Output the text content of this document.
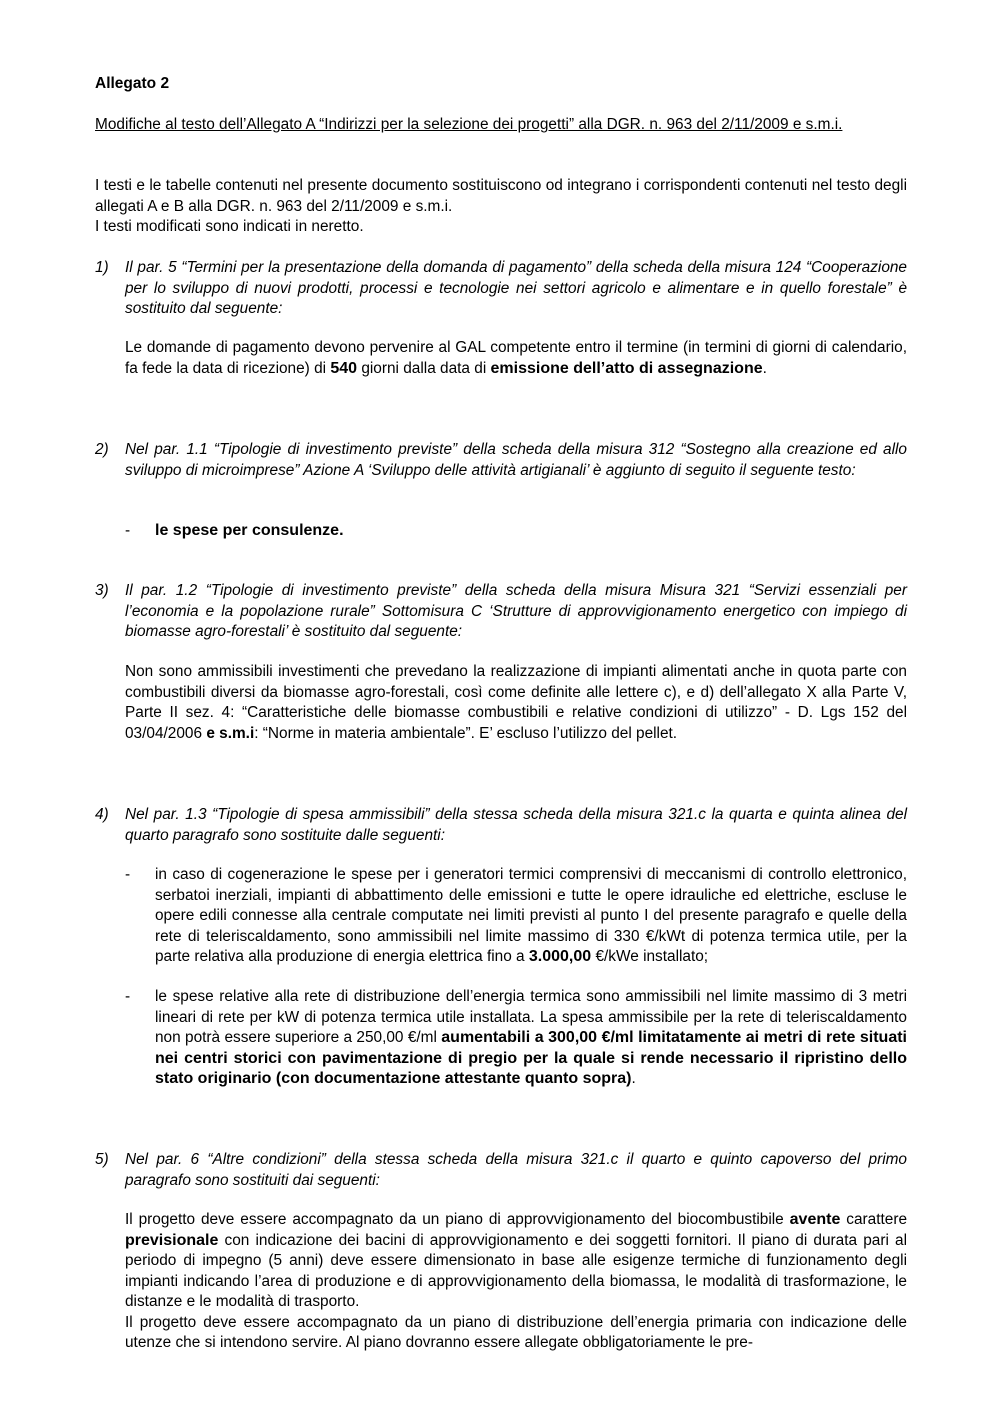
Allegato 2
Modifiche al testo dell’Allegato A “Indirizzi per la selezione dei progetti” alla DGR. n. 963 del 2/11/2009 e s.m.i.
I testi e le tabelle contenuti nel presente documento sostituiscono od integrano i corrispondenti contenuti nel testo degli allegati A e B alla DGR. n. 963 del 2/11/2009 e s.m.i.
I testi modificati sono indicati in neretto.
1)	Il par. 5 “Termini per la presentazione della domanda di pagamento” della scheda della misura 124 “Cooperazione per lo sviluppo di nuovi prodotti, processi e tecnologie nei settori agricolo e alimentare e in quello forestale” è sostituito dal seguente:
Le domande di pagamento devono pervenire al GAL competente entro il termine (in termini di giorni di calendario, fa fede la data di ricezione) di 540 giorni dalla data di emissione dell’atto di assegnazione.
2)	Nel par. 1.1 “Tipologie di investimento previste” della scheda della misura 312 “Sostegno alla creazione ed allo sviluppo di microimprese” Azione A ‘Sviluppo delle attività artigianali’ è aggiunto di seguito il seguente testo:
-	le spese per consulenze.
3)	Il par. 1.2 “Tipologie di investimento previste” della scheda della misura Misura 321 “Servizi essenziali per l’economia e la popolazione rurale” Sottomisura C ‘Strutture di approvvigionamento energetico con impiego di biomasse agro-forestali’ è sostituito dal seguente:
Non sono ammissibili investimenti che prevedano la realizzazione di impianti alimentati anche in quota parte con combustibili diversi da biomasse agro-forestali, così come definite alle lettere c), e d) dell’allegato X alla Parte V, Parte II sez. 4: “Caratteristiche delle biomasse combustibili e relative condizioni di utilizzo” - D. Lgs 152 del 03/04/2006 e s.m.i: “Norme in materia ambientale”. E’ escluso l’utilizzo del pellet.
4)	Nel par. 1.3 “Tipologie di spesa ammissibili” della stessa scheda della misura 321.c la quarta e quinta alinea del quarto paragrafo sono sostituite dalle seguenti:
-	in caso di cogenerazione le spese per i generatori termici comprensivi di meccanismi di controllo elettronico, serbatoi inerziali, impianti di abbattimento delle emissioni e tutte le opere idrauliche ed elettriche, escluse le opere edili connesse alla centrale computate nei limiti previsti al punto I del presente paragrafo e quelle della rete di teleriscaldamento, sono ammissibili nel limite massimo di 330 €/kWt di potenza termica utile, per la parte relativa alla produzione di energia elettrica fino a 3.000,00 €/kWe installato;
-	le spese relative alla rete di distribuzione dell’energia termica sono ammissibili nel limite massimo di 3 metri lineari di rete per kW di potenza termica utile installata. La spesa ammissibile per la rete di teleriscaldamento non potrà essere superiore a 250,00 €/ml aumentabili a 300,00 €/ml limitatamente ai metri di rete situati nei centri storici con pavimentazione di pregio per la quale si rende necessario il ripristino dello stato originario (con documentazione attestante quanto sopra).
5)	Nel par. 6 “Altre condizioni” della stessa scheda della misura 321.c il quarto e quinto capoverso del primo paragrafo sono sostituiti dai seguenti:
Il progetto deve essere accompagnato da un piano di approvvigionamento del biocombustibile avente carattere previsionale con indicazione dei bacini di approvvigionamento e dei soggetti fornitori. Il piano di durata pari al periodo di impegno (5 anni) deve essere dimensionato in base alle esigenze termiche di funzionamento degli impianti indicando l’area di produzione e di approvvigionamento della biomassa, le modalità di trasformazione, le distanze e le modalità di trasporto.
Il progetto deve essere accompagnato da un piano di distribuzione dell’energia primaria con indicazione delle utenze che si intendono servire. Al piano dovranno essere allegate obbligatoriamente le pre-
